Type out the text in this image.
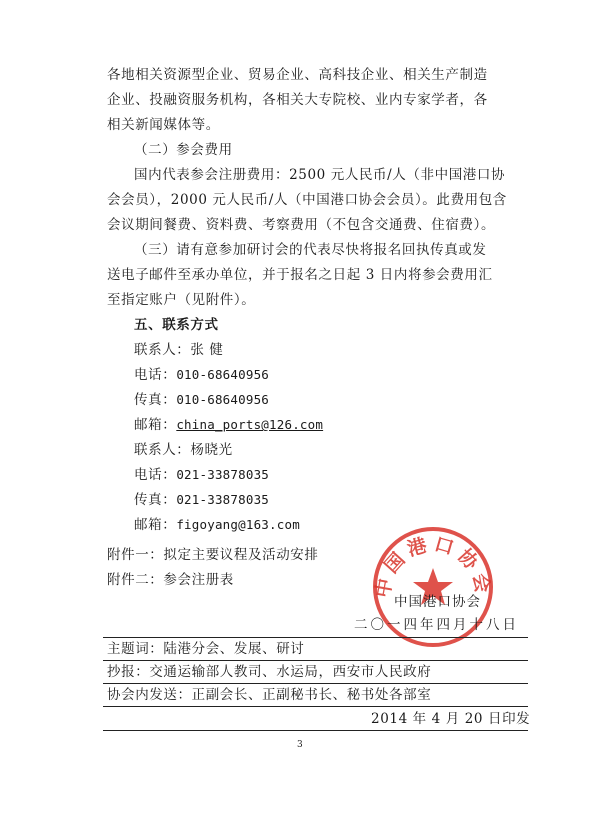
各地相关资源型企业、贸易企业、高科技企业、相关生产制造
企业、投融资服务机构，各相关大专院校、业内专家学者，各
相关新闻媒体等。
（二）参会费用
国内代表参会注册费用：2500 元人民币/人（非中国港口协
会会员），2000 元人民币/人（中国港口协会会员）。此费用包含
会议期间餐费、资料费、考察费用（不包含交通费、住宿费）。
（三）请有意参加研讨会的代表尽快将报名回执传真或发
送电子邮件至承办单位，并于报名之日起 3 日内将参会费用汇
至指定账户（见附件）。
五、联系方式
联系人：张 健
电话：010-68640956
传真：010-68640956
邮箱：china_ports@126.com
联系人：杨晓光
电话：021-33878035
传真：021-33878035
邮箱：figoyang@163.com
附件一：拟定主要议程及活动安排
附件二：参会注册表	中国港口协会
中国港口协会
二〇一四年四月十八日
主题词：陆港分会、发展、研讨
抄报：交通运输部人教司、水运局，西安市人民政府
协会内发送：正副会长、正副秘书长、秘书处各部室
2014 年 4 月 20 日印发
3
